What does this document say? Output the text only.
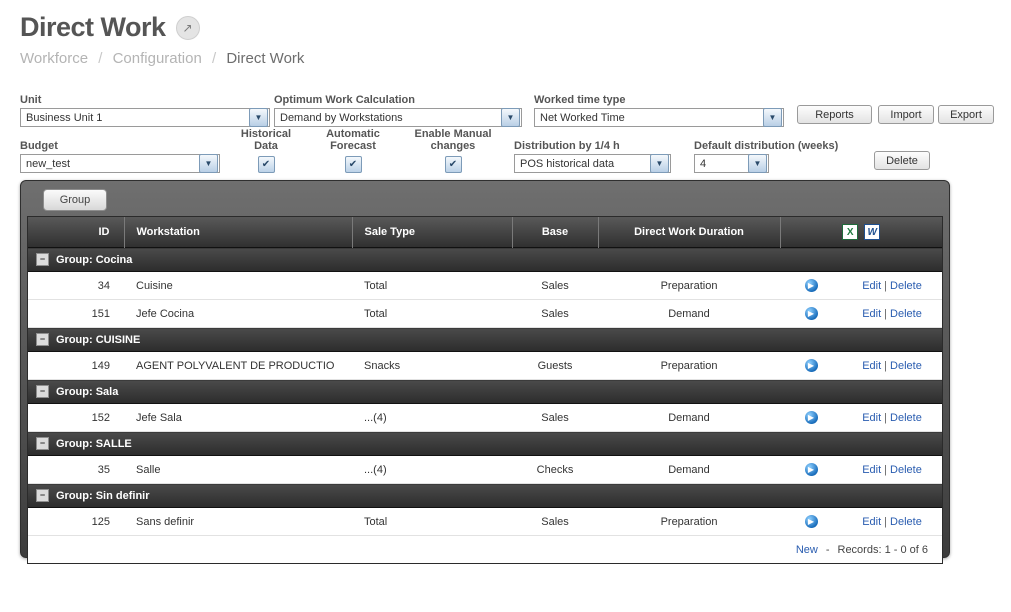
Direct Work	↗
Workforce / Configuration / Direct Work
Unit
Business Unit 1	▼
Optimum Work Calculation
Demand by Workstations	▼
Worked time type
Net Worked Time	▼	Reports	Import	Export
Budget
new_test	▼
Historical
Data
✔
Automatic
Forecast
✔
Enable Manual
changes
✔
Distribution by 1/4 h
POS historical data	▼
Default distribution (weeks)
4	▼	Delete
Group
ID	Workstation	Sale Type	Base	Direct Work Duration	X W	

− Group: Cocina						

34	Cuisine	Total	Sales	Preparation	▶	Edit | Delete
151	Jefe Cocina	Total	Sales	Demand	▶	Edit | Delete

− Group: CUISINE						

149	AGENT POLYVALENT DE PRODUCTIO	Snacks	Guests	Preparation	▶	Edit | Delete

− Group: Sala						

152	Jefe Sala	...(4)	Sales	Demand	▶	Edit | Delete

− Group: SALLE						

35	Salle	...(4)	Checks	Demand	▶	Edit | Delete

− Group: Sin definir						

125	Sans definir	Total	Sales	Preparation	▶	Edit | Delete

New - Records: 1 - 0 of 6						
